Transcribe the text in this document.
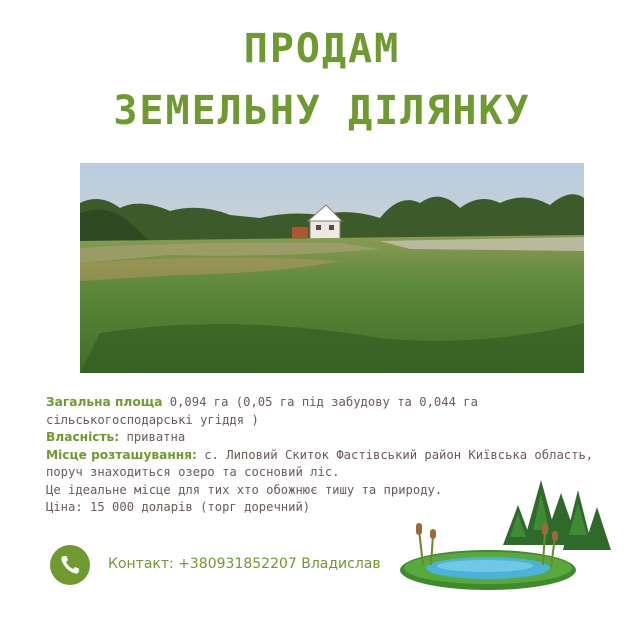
ПРОДАМ
ЗЕМЕЛЬНУ ДІЛЯНКУ

Загальна площа 0,094 га (0,05 га під забудову та 0,044 га сільськогосподарські угіддя )

Власність: приватна

Місце розташування: с. Липовий Скиток Фастівський район Київська область, поруч знаходиться озеро та сосновий ліс.

Це ідеальне місце для тих хто обожнює тишу та природу.

Ціна: 15 000 доларів (торг доречний)

Контакт: +380931852207 Владислав
